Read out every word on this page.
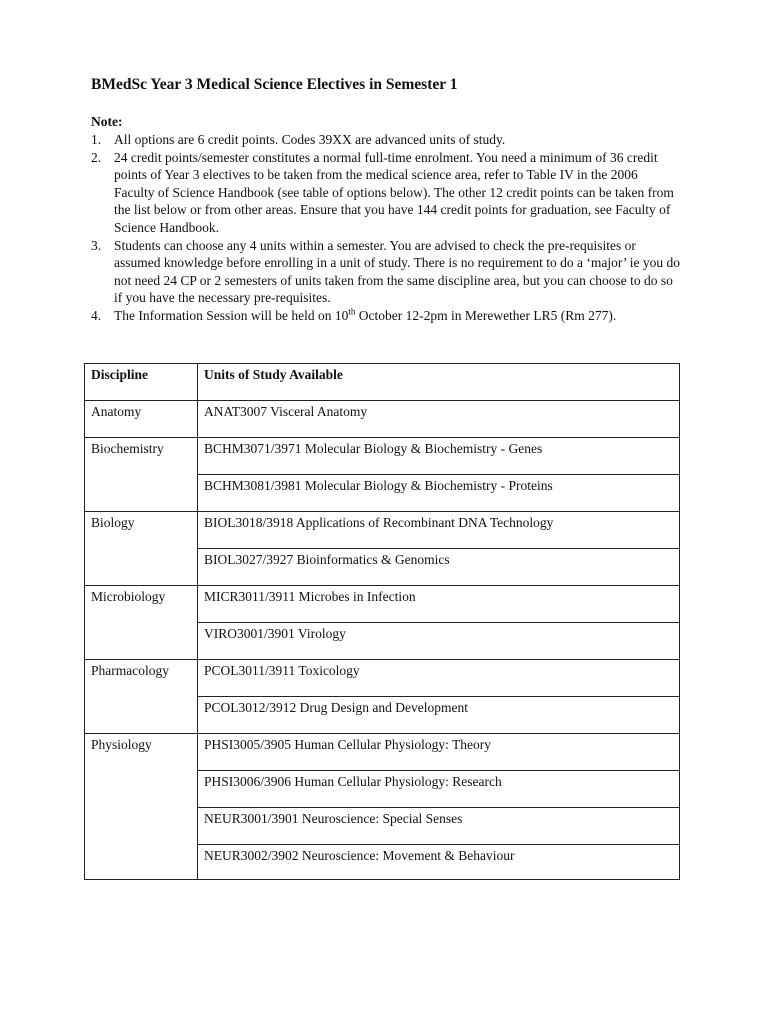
BMedSc Year 3 Medical Science Electives in Semester 1

Note:

1. All options are 6 credit points. Codes 39XX are advanced units of study.
2. 24 credit points/semester constitutes a normal full-time enrolment. You need a minimum of 36 credit points of Year 3 electives to be taken from the medical science area, refer to Table IV in the 2006 Faculty of Science Handbook (see table of options below). The other 12 credit points can be taken from the list below or from other areas. Ensure that you have 144 credit points for graduation, see Faculty of Science Handbook.
3. Students can choose any 4 units within a semester. You are advised to check the pre-requisites or assumed knowledge before enrolling in a unit of study. There is no requirement to do a ‘major’ ie you do not need 24 CP or 2 semesters of units taken from the same discipline area, but you can choose to do so if you have the necessary pre-requisites.
4. The Information Session will be held on 10th October 12-2pm in Merewether LR5 (Rm 277).
Discipline	Units of Study Available
Anatomy	ANAT3007 Visceral Anatomy
Biochemistry	BCHM3071/3971 Molecular Biology & Biochemistry - Genes
	BCHM3081/3981 Molecular Biology & Biochemistry - Proteins
Biology	BIOL3018/3918 Applications of Recombinant DNA Technology
	BIOL3027/3927 Bioinformatics & Genomics
Microbiology	MICR3011/3911 Microbes in Infection
	VIRO3001/3901 Virology
Pharmacology	PCOL3011/3911 Toxicology
	PCOL3012/3912 Drug Design and Development
Physiology	PHSI3005/3905 Human Cellular Physiology: Theory
	PHSI3006/3906 Human Cellular Physiology: Research
	NEUR3001/3901 Neuroscience: Special Senses
	NEUR3002/3902 Neuroscience: Movement & Behaviour
